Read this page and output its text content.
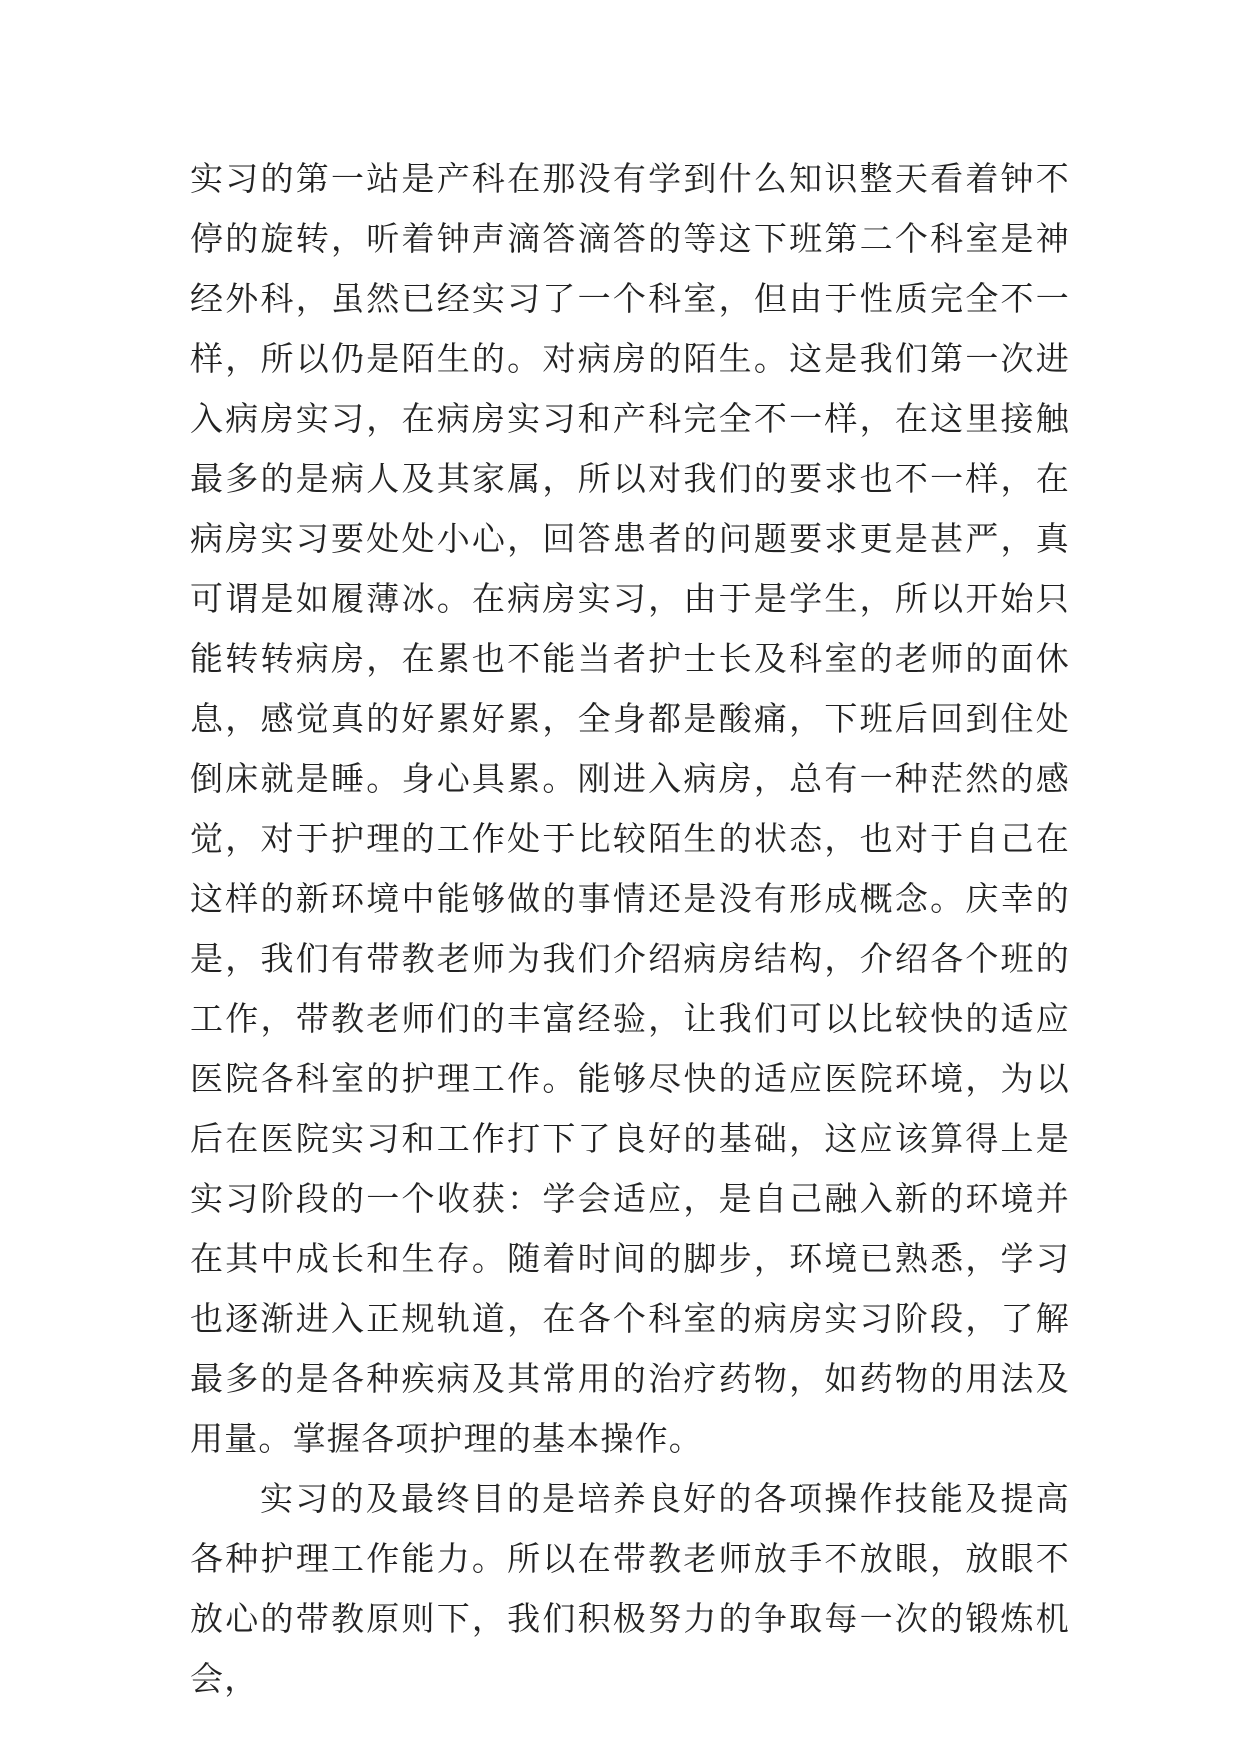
实习的第一站是产科在那没有学到什么知识整天看着钟不停的旋转，听着钟声滴答滴答的等这下班第二个科室是神经外科，虽然已经实习了一个科室，但由于性质完全不一样，所以仍是陌生的。对病房的陌生。这是我们第一次进入病房实习，在病房实习和产科完全不一样，在这里接触最多的是病人及其家属，所以对我们的要求也不一样，在病房实习要处处小心，回答患者的问题要求更是甚严，真可谓是如履薄冰。在病房实习，由于是学生，所以开始只能转转病房，在累也不能当者护士长及科室的老师的面休息，感觉真的好累好累，全身都是酸痛，下班后回到住处倒床就是睡。身心具累。刚进入病房，总有一种茫然的感觉，对于护理的工作处于比较陌生的状态，也对于自己在这样的新环境中能够做的事情还是没有形成概念。庆幸的是，我们有带教老师为我们介绍病房结构，介绍各个班的工作，带教老师们的丰富经验，让我们可以比较快的适应医院各科室的护理工作。能够尽快的适应医院环境，为以后在医院实习和工作打下了良好的基础，这应该算得上是实习阶段的一个收获：学会适应，是自己融入新的环境并在其中成长和生存。随着时间的脚步，环境已熟悉，学习也逐渐进入正规轨道，在各个科室的病房实习阶段，了解最多的是各种疾病及其常用的治疗药物，如药物的用法及用量。掌握各项护理的基本操作。

实习的及最终目的是培养良好的各项操作技能及提高各种护理工作能力。所以在带教老师放手不放眼，放眼不放心的带教原则下，我们积极努力的争取每一次的锻炼机会，
